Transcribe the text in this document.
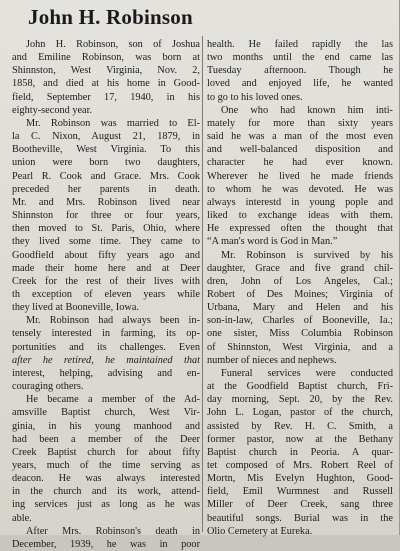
John H. Robinson
John H. Robinson, son of Joshua
and Emiline Robinson, was born at
Shinnston, West Virginia, Nov. 2,
1858, and died at his home in Good-
field, September 17, 1940, in his
eighty-second year.
Mr. Robinson was married to El-
la C. Nixon, August 21, 1879, in
Bootheville, West Virginia. To this
union were born two daughters,
Pearl R. Cook and Grace. Mrs. Cook
preceded her parents in death.
Mr. and Mrs. Robinson lived near
Shinnston for three or four years,
then moved to St. Paris, Ohio, where
they lived some time. They came to
Goodfield about fifty years ago and
made their home here and at Deer
Creek for the rest of their lives with
th exception of eleven years while
they lived at Booneville, Iowa.
Mr. Robinson had always been in-
tensely interested in farming, its op-
portunities and its challenges. Even
after he retired, he maintained that
interest, helping, advising and en-
couraging others.
He became a member of the Ad-
amsville Baptist church, West Vir-
ginia, in his young manhood and
had been a member of the Deer
Creek Baptist church for about fifty
years, much of the time serving as
deacon. He was always interested
in the church and its work, attend-
ing services just as long as he was
able.
After Mrs. Robinson's death in
December, 1939, he was in poor
health. He failed rapidly the las
two months until the end came las
Tuesday afternoon. Though he
loved and enjoyed life, he wanted
to go to his loved ones.
One who had known him inti-
mately for more than sixty years
said he was a man of the most even
and well-balanced disposition and
character he had ever known.
Wherever he lived he made friends
to whom he was devoted. He was
always interestd in young pople and
liked to exchange ideas with them.
He expressed often the thought that
“A man's word is God in Man.”
Mr. Robinson is survived by his
daughter, Grace and five grand chil-
dren, John of Los Angeles, Cal.;
Robert of Des Moines; Virginia of
Urbana, Mary and Helen and his
son-in-law, Charles of Booneville, Ia.;
one sister, Miss Columbia Robinson
of Shinnston, West Virginia, and a
number of nieces and nephews.
Funeral services were conducted
at the Goodfield Baptist church, Fri-
day morning, Sept. 20, by the Rev.
John L. Logan, pastor of the church,
assisted by Rev. H. C. Smith, a
former pastor, now at the Bethany
Baptist church in Peoria. A quar-
tet composed of Mrs. Robert Reel of
Mortn, Mis Evelyn Hughton, Good-
field, Emil Wurmnest and Russell
Miller of Deer Creek, sang three
beautiful songs. Burial was in the
Olio Cemetery at Eureka.
